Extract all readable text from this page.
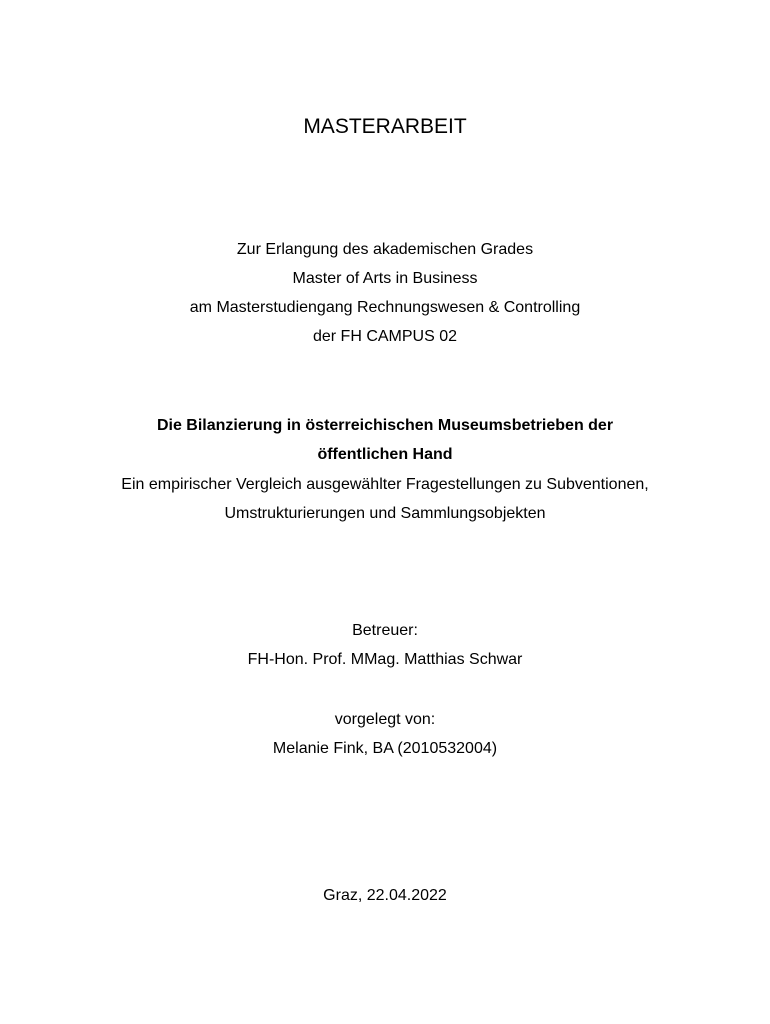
MASTERARBEIT
Zur Erlangung des akademischen Grades
Master of Arts in Business
am Masterstudiengang Rechnungswesen & Controlling
der FH CAMPUS 02
Die Bilanzierung in österreichischen Museumsbetrieben der
öffentlichen Hand
Ein empirischer Vergleich ausgewählter Fragestellungen zu Subventionen,
Umstrukturierungen und Sammlungsobjekten
Betreuer:
FH-Hon. Prof. MMag. Matthias Schwar
vorgelegt von:
Melanie Fink, BA (2010532004)
Graz, 22.04.2022
